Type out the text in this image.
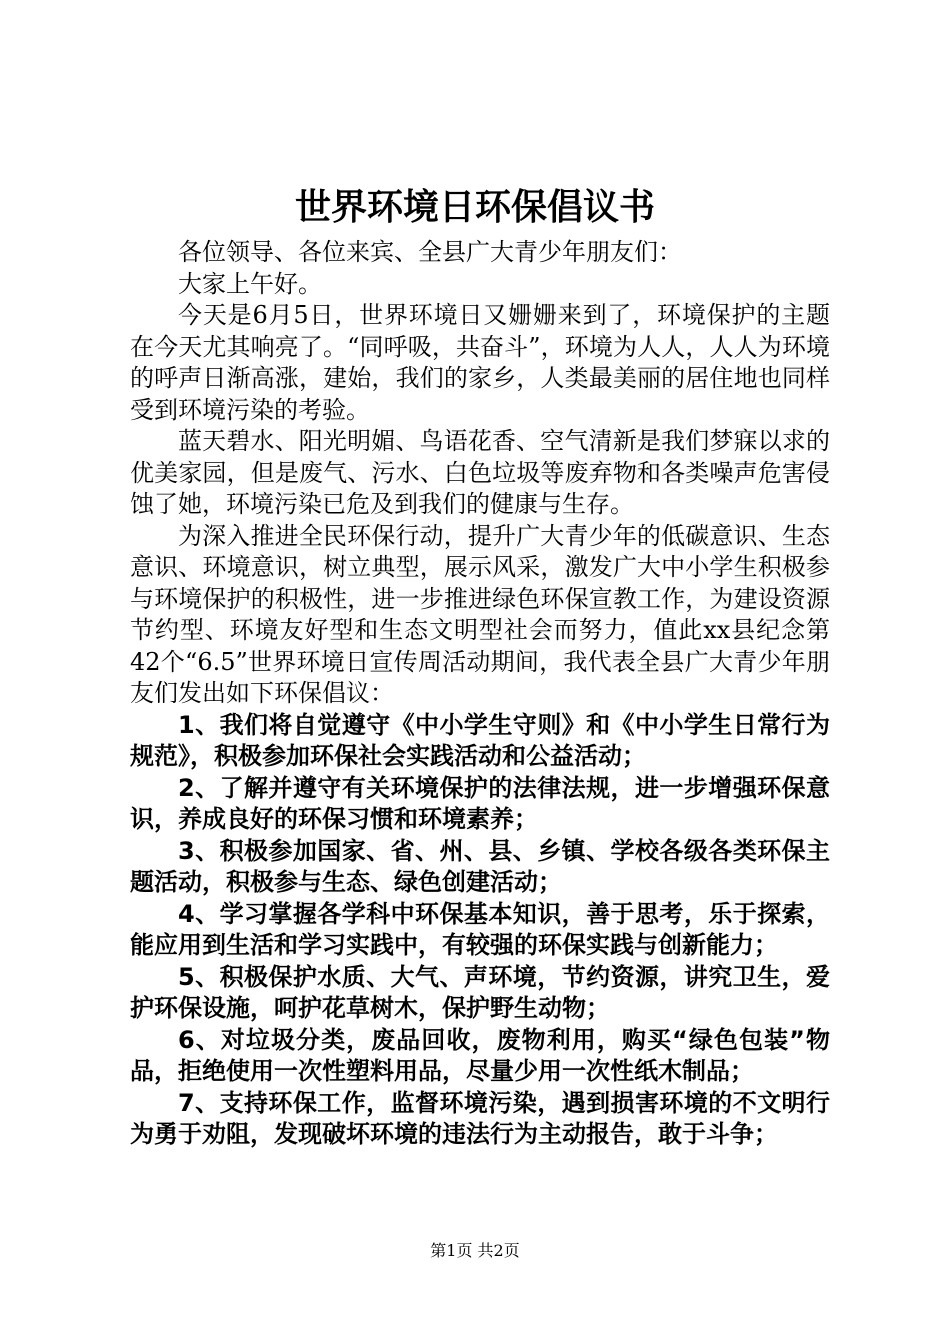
世界环境日环保倡议书

各位领导、各位来宾、全县广大青少年朋友们：

大家上午好。

今天是6月5日，世界环境日又姗姗来到了，环境保护的主题在今天尤其响亮了。“同呼吸，共奋斗”，环境为人人，人人为环境的呼声日渐高涨，建始，我们的家乡，人类最美丽的居住地也同样受到环境污染的考验。

蓝天碧水、阳光明媚、鸟语花香、空气清新是我们梦寐以求的优美家园，但是废气、污水、白色垃圾等废弃物和各类噪声危害侵蚀了她，环境污染已危及到我们的健康与生存。

为深入推进全民环保行动，提升广大青少年的低碳意识、生态意识、环境意识，树立典型，展示风采，激发广大中小学生积极参与环境保护的积极性，进一步推进绿色环保宣教工作，为建设资源节约型、环境友好型和生态文明型社会而努力，值此xx县纪念第42个“6.5”世界环境日宣传周活动期间，我代表全县广大青少年朋友们发出如下环保倡议：

1、我们将自觉遵守《中小学生守则》和《中小学生日常行为规范》，积极参加环保社会实践活动和公益活动；

2、了解并遵守有关环境保护的法律法规，进一步增强环保意识，养成良好的环保习惯和环境素养；

3、积极参加国家、省、州、县、乡镇、学校各级各类环保主题活动，积极参与生态、绿色创建活动；

4、学习掌握各学科中环保基本知识，善于思考，乐于探索，能应用到生活和学习实践中，有较强的环保实践与创新能力；

5、积极保护水质、大气、声环境，节约资源，讲究卫生，爱护环保设施，呵护花草树木，保护野生动物；

6、对垃圾分类，废品回收，废物利用，购买“绿色包装”物品，拒绝使用一次性塑料用品，尽量少用一次性纸木制品；

7、支持环保工作，监督环境污染，遇到损害环境的不文明行为勇于劝阻，发现破坏环境的违法行为主动报告，敢于斗争；

第1页 共2页
